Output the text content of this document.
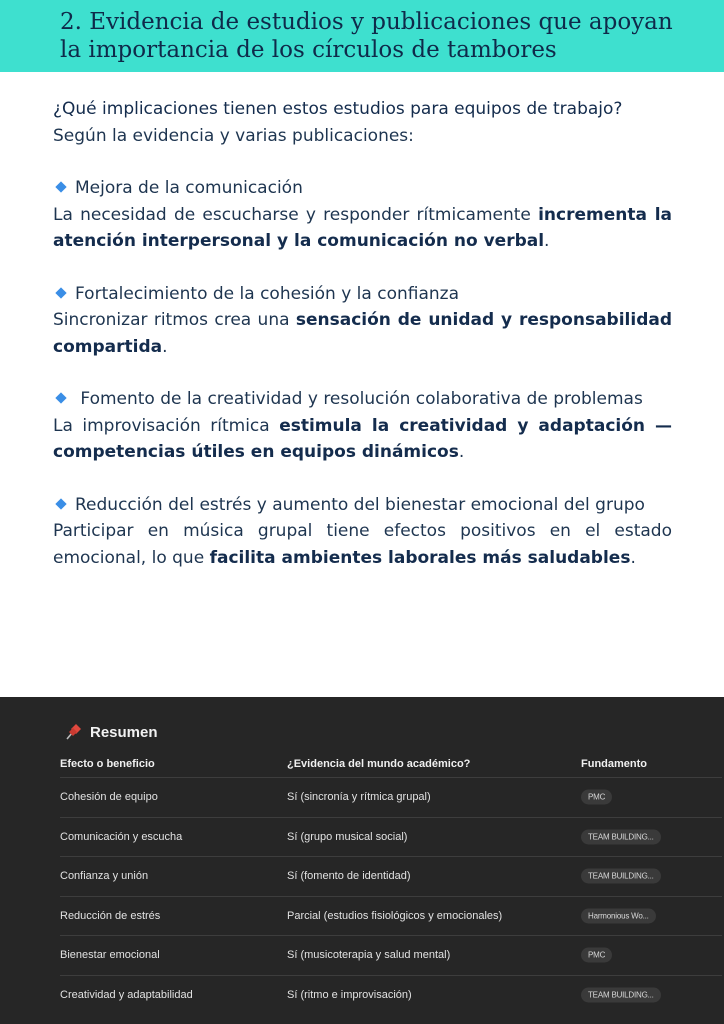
2. Evidencia de estudios y publicaciones que apoyan
la importancia de los círculos de tambores

¿Qué implicaciones tienen estos estudios para equipos de trabajo?

Según la evidencia y varias publicaciones:

Mejora de la comunicación

La necesidad de escucharse y responder rítmicamente incrementa la atención interpersonal y la comunicación no verbal.

Fortalecimiento de la cohesión y la confianza

Sincronizar ritmos crea una sensación de unidad y responsabilidad compartida.

Fomento de la creatividad y resolución colaborativa de problemas

La improvisación rítmica estimula la creatividad y adaptación — competencias útiles en equipos dinámicos.

Reducción del estrés y aumento del bienestar emocional del grupo

Participar en música grupal tiene efectos positivos en el estado emocional, lo que facilita ambientes laborales más saludables.

Resumen
Efecto o beneficio	¿Evidencia del mundo académico?	Fundamento
Cohesión de equipo	Sí (sincronía y rítmica grupal)	PMC
Comunicación y escucha	Sí (grupo musical social)	TEAM BUILDING...
Confianza y unión	Sí (fomento de identidad)	TEAM BUILDING...
Reducción de estrés	Parcial (estudios fisiológicos y emocionales)	Harmonious Wo...
Bienestar emocional	Sí (musicoterapia y salud mental)	PMC
Creatividad y adaptabilidad	Sí (ritmo e improvisación)	TEAM BUILDING...
